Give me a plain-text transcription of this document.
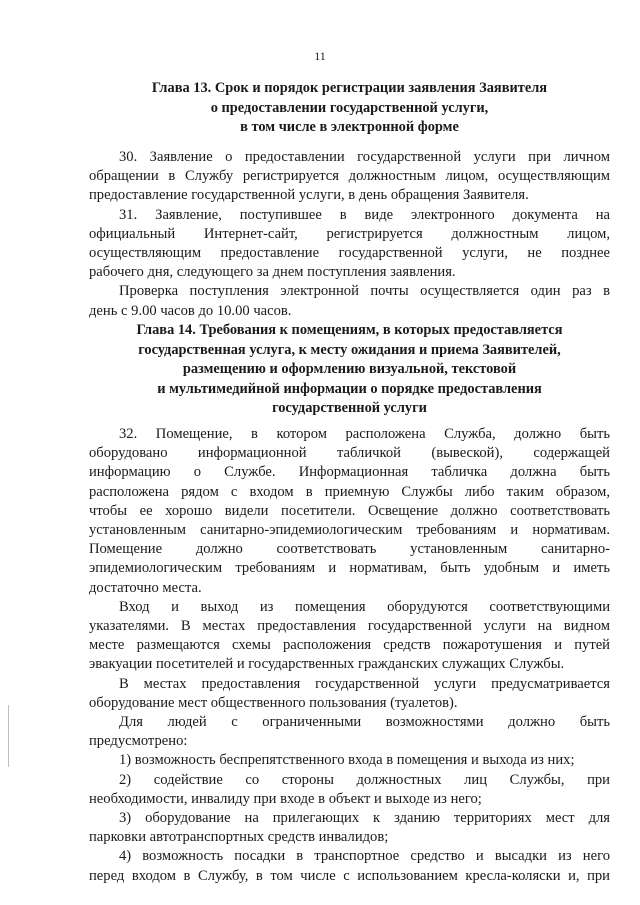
11
Глава 13. Срок и порядок регистрации заявления Заявителя
о предоставлении государственной услуги,
в том числе в электронной форме

30. Заявление о предоставлении государственной услуги при личном
обращении в Службу регистрируется должностным лицом, осуществляющим
предоставление государственной услуги, в день обращения Заявителя.

31. Заявление, поступившее в виде электронного документа на
официальный Интернет-сайт, регистрируется должностным лицом,
осуществляющим предоставление государственной услуги, не позднее
рабочего дня, следующего за днем поступления заявления.

Проверка поступления электронной почты осуществляется один раз в
день с 9.00 часов до 10.00 часов.

Глава 14. Требования к помещениям, в которых предоставляется
государственная услуга, к месту ожидания и приема Заявителей,
размещению и оформлению визуальной, текстовой
и мультимедийной информации о порядке предоставления
государственной услуги

32. Помещение, в котором расположена Служба, должно быть
оборудовано информационной табличкой (вывеской), содержащей
информацию о Службе. Информационная табличка должна быть
расположена рядом с входом в приемную Службы либо таким образом,
чтобы ее хорошо видели посетители. Освещение должно соответствовать
установленным санитарно-эпидемиологическим требованиям и нормативам.
Помещение должно соответствовать установленным санитарно-
эпидемиологическим требованиям и нормативам, быть удобным и иметь
достаточно места.

Вход и выход из помещения оборудуются соответствующими
указателями. В местах предоставления государственной услуги на видном
месте размещаются схемы расположения средств пожаротушения и путей
эвакуации посетителей и государственных гражданских служащих Службы.

В местах предоставления государственной услуги предусматривается
оборудование мест общественного пользования (туалетов).

Для людей с ограниченными возможностями должно быть
предусмотрено:

1) возможность беспрепятственного входа в помещения и выхода из них;

2) содействие со стороны должностных лиц Службы, при
необходимости, инвалиду при входе в объект и выходе из него;

3) оборудование на прилегающих к зданию территориях мест для
парковки автотранспортных средств инвалидов;

4) возможность посадки в транспортное средство и высадки из него
перед входом в Службу, в том числе с использованием кресла-коляски и, при
